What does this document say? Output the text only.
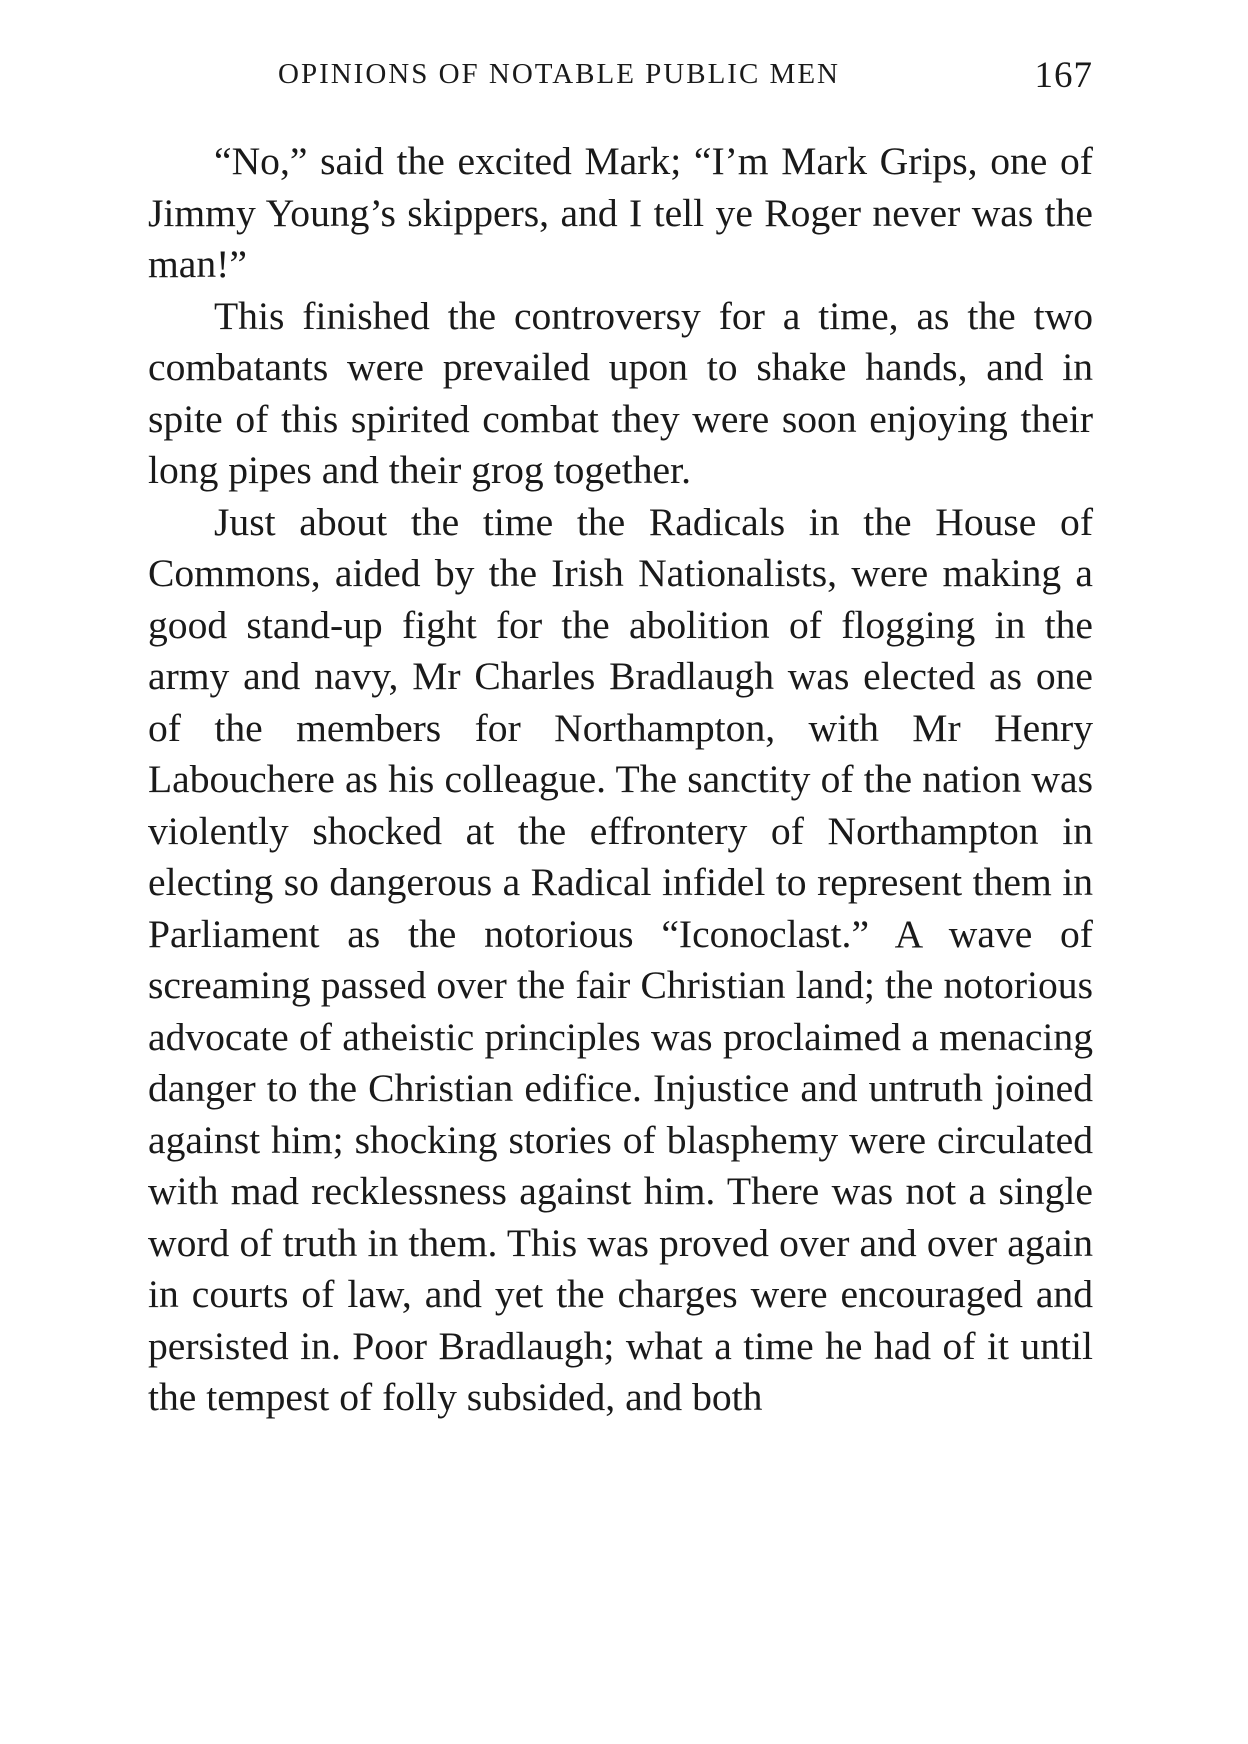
OPINIONS OF NOTABLE PUBLIC MEN	167

“No,” said the excited Mark; “I’m Mark Grips, one of Jimmy Young’s skippers, and I tell ye Roger never was the man!”

This finished the controversy for a time, as the two combatants were prevailed upon to shake hands, and in spite of this spirited combat they were soon enjoying their long pipes and their grog together.

Just about the time the Radicals in the House of Commons, aided by the Irish Nationalists, were making a good stand-up fight for the abolition of flogging in the army and navy, Mr Charles Bradlaugh was elected as one of the members for Northampton, with Mr Henry Labouchere as his colleague. The sanctity of the nation was violently shocked at the effrontery of Northampton in electing so dangerous a Radical infidel to represent them in Parliament as the notorious “Iconoclast.” A wave of screaming passed over the fair Christian land; the notorious advocate of atheistic principles was proclaimed a menacing danger to the Christian edifice. Injustice and untruth joined against him; shocking stories of blasphemy were circulated with mad recklessness against him. There was not a single word of truth in them. This was proved over and over again in courts of law, and yet the charges were encouraged and persisted in. Poor Bradlaugh; what a time he had of it until the tempest of folly subsided, and both
